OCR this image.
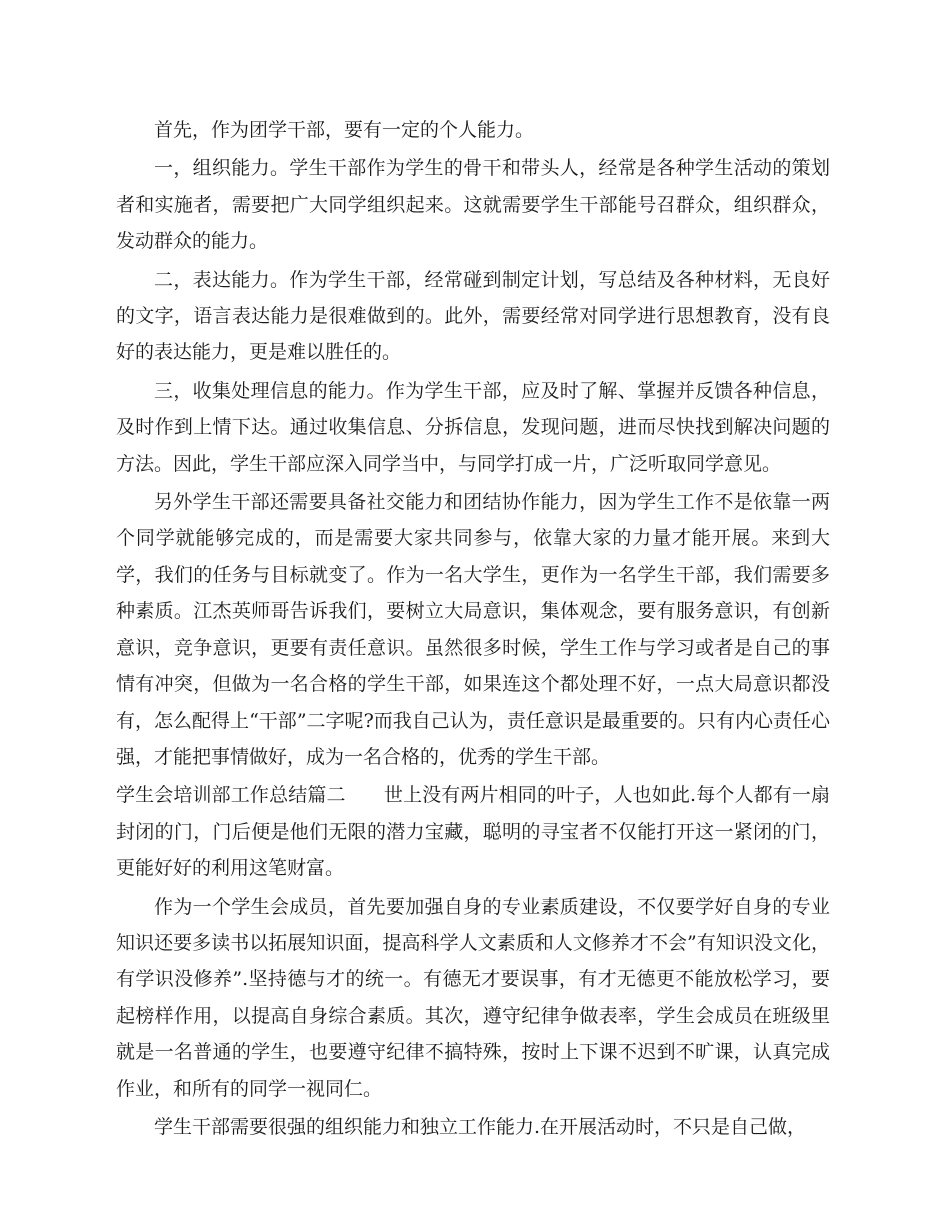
首先，作为团学干部，要有一定的个人能力。

一，组织能力。学生干部作为学生的骨干和带头人，经常是各种学生活动的策划者和实施者，需要把广大同学组织起来。这就需要学生干部能号召群众，组织群众，发动群众的能力。

二，表达能力。作为学生干部，经常碰到制定计划，写总结及各种材料，无良好的文字，语言表达能力是很难做到的。此外，需要经常对同学进行思想教育，没有良好的表达能力，更是难以胜任的。

三，收集处理信息的能力。作为学生干部，应及时了解、掌握并反馈各种信息，及时作到上情下达。通过收集信息、分拆信息，发现问题，进而尽快找到解决问题的方法。因此，学生干部应深入同学当中，与同学打成一片，广泛听取同学意见。

另外学生干部还需要具备社交能力和团结协作能力，因为学生工作不是依靠一两个同学就能够完成的，而是需要大家共同参与，依靠大家的力量才能开展。来到大学，我们的任务与目标就变了。作为一名大学生，更作为一名学生干部，我们需要多种素质。江杰英师哥告诉我们，要树立大局意识，集体观念，要有服务意识，有创新意识，竞争意识，更要有责任意识。虽然很多时候，学生工作与学习或者是自己的事情有冲突，但做为一名合格的学生干部，如果连这个都处理不好，一点大局意识都没有，怎么配得上“干部”二字呢?而我自己认为，责任意识是最重要的。只有内心责任心强，才能把事情做好，成为一名合格的，优秀的学生干部。

学生会培训部工作总结篇二　　世上没有两片相同的叶子，人也如此.每个人都有一扇封闭的门，门后便是他们无限的潜力宝藏，聪明的寻宝者不仅能打开这一紧闭的门，更能好好的利用这笔财富。

作为一个学生会成员，首先要加强自身的专业素质建设，不仅要学好自身的专业知识还要多读书以拓展知识面，提高科学人文素质和人文修养才不会”有知识没文化，有学识没修养”.坚持德与才的统一。有德无才要误事，有才无德更不能放松学习，要起榜样作用，以提高自身综合素质。其次，遵守纪律争做表率，学生会成员在班级里就是一名普通的学生，也要遵守纪律不搞特殊，按时上下课不迟到不旷课，认真完成作业，和所有的同学一视同仁。

学生干部需要很强的组织能力和独立工作能力.在开展活动时，不只是自己做，
